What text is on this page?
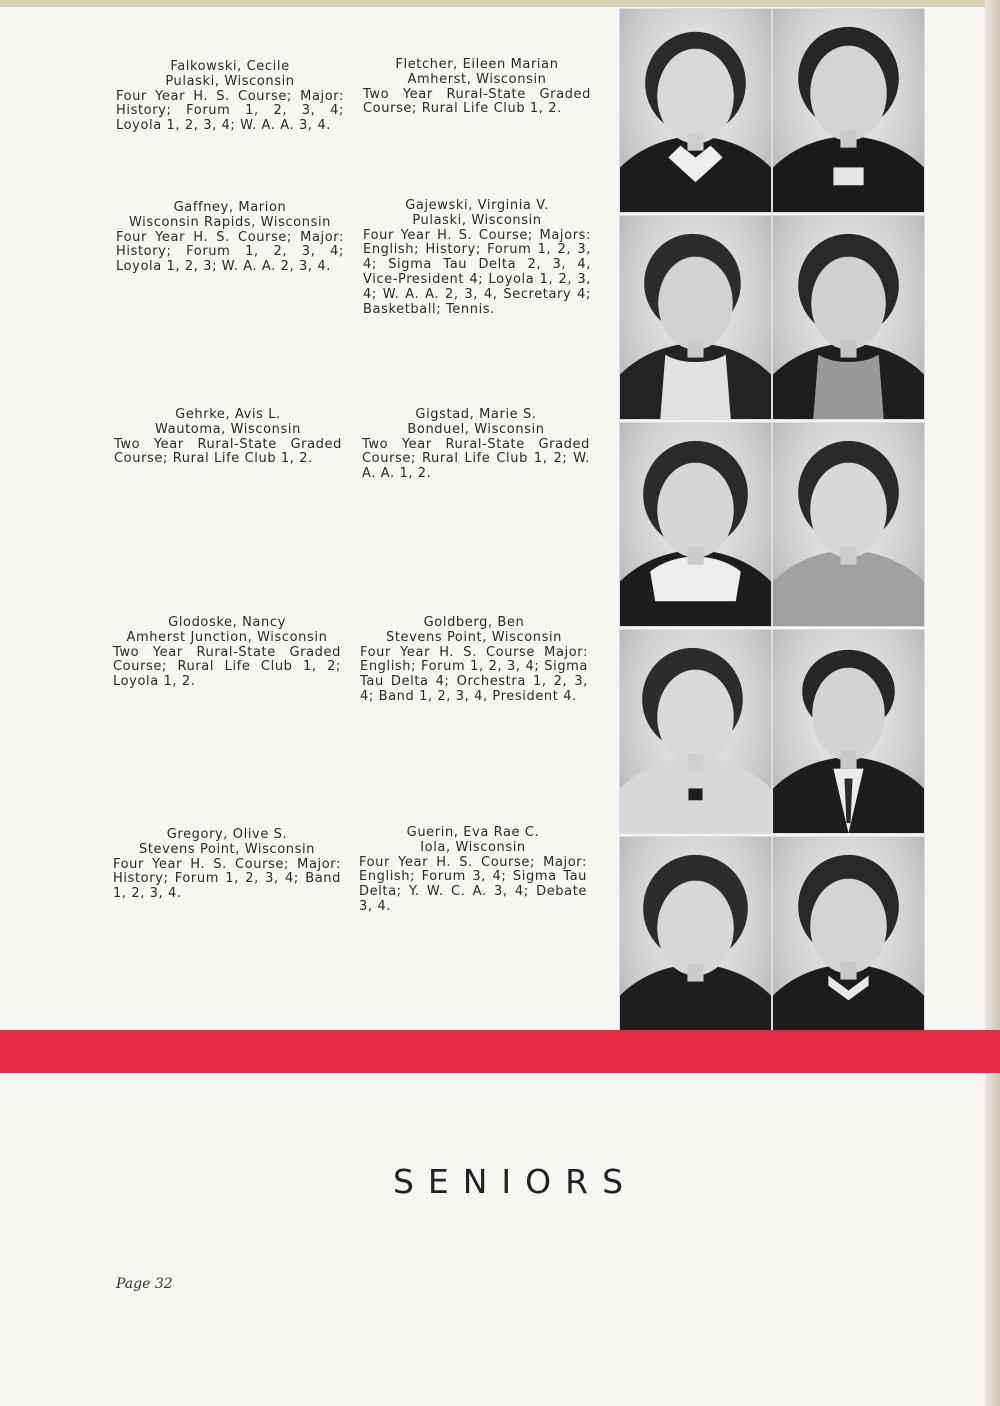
Falkowski, Cecile
Pulaski, Wisconsin
Four Year H. S. Course; Major: History; Forum 1, 2, 3, 4; Loyola 1, 2, 3, 4; W. A. A. 3, 4.
Fletcher, Eileen Marian
Amherst, Wisconsin
Two Year Rural-State Graded Course; Rural Life Club 1, 2.
Gaffney, Marion
Wisconsin Rapids, Wisconsin
Four Year H. S. Course; Major: History; Forum 1, 2, 3, 4; Loyola 1, 2, 3; W. A. A. 2, 3, 4.
Gajewski, Virginia V.
Pulaski, Wisconsin
Four Year H. S. Course; Majors: English; History; Forum 1, 2, 3, 4; Sigma Tau Delta 2, 3, 4, Vice-President 4; Loyola 1, 2, 3, 4; W. A. A. 2, 3, 4, Secretary 4; Basketball; Tennis.
Gehrke, Avis L.
Wautoma, Wisconsin
Two Year Rural-State Graded Course; Rural Life Club 1, 2.
Gigstad, Marie S.
Bonduel, Wisconsin
Two Year Rural-State Graded Course; Rural Life Club 1, 2; W. A. A. 1, 2.
Glodoske, Nancy
Amherst Junction, Wisconsin
Two Year Rural-State Graded Course; Rural Life Club 1, 2; Loyola 1, 2.
Goldberg, Ben
Stevens Point, Wisconsin
Four Year H. S. Course Major: English; Forum 1, 2, 3, 4; Sigma Tau Delta 4; Orchestra 1, 2, 3, 4; Band 1, 2, 3, 4, President 4.
Gregory, Olive S.
Stevens Point, Wisconsin
Four Year H. S. Course; Major: History; Forum 1, 2, 3, 4; Band 1, 2, 3, 4.
Guerin, Eva Rae C.
Iola, Wisconsin
Four Year H. S. Course; Major: English; Forum 3, 4; Sigma Tau Delta; Y. W. C. A. 3, 4; Debate 3, 4.
SENIORS
Page 32
